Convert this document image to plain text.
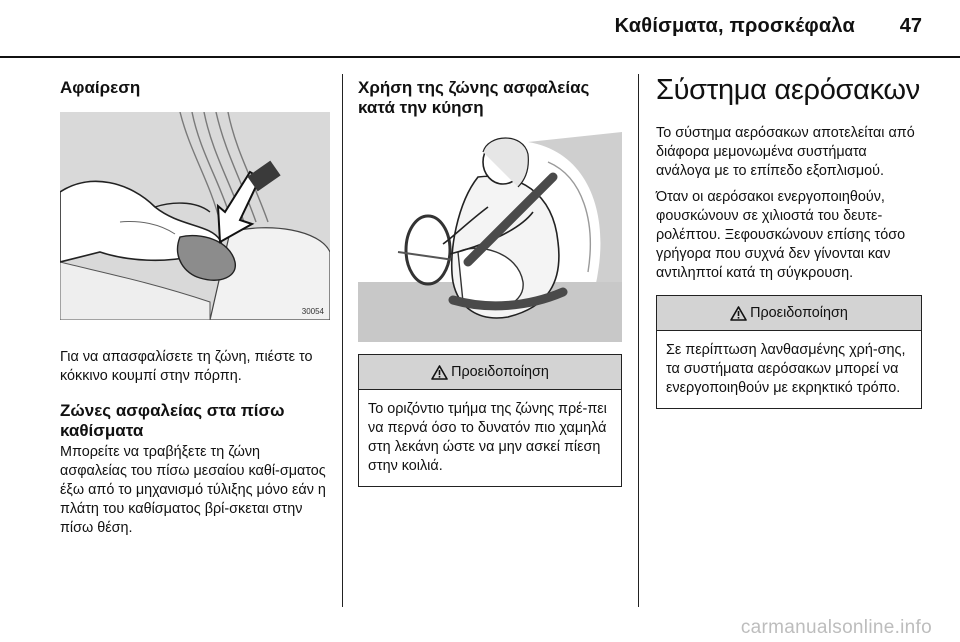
Καθίσματα, προσκέφαλα 47
Αφαίρεση
30054

Για να απασφαλίσετε τη ζώνη, πιέστε το κόκκινο κουμπί στην πόρπη.

Ζώνες ασφαλείας στα πίσω καθίσματα

Μπορείτε να τραβήξετε τη ζώνη ασφαλείας του πίσω μεσαίου καθί-σματος έξω από το μηχανισμό τύλιξης μόνο εάν η πλάτη του καθίσματος βρί-σκεται στην πίσω θέση.

Χρήση της ζώνης ασφαλείας κατά την κύηση
Προειδοποίηση

Το οριζόντιο τμήμα της ζώνης πρέ-πει να περνά όσο το δυνατόν πιο χαμηλά στη λεκάνη ώστε να μην ασκεί πίεση στην κοιλιά.

Σύστημα αερόσακων

Το σύστημα αερόσακων αποτελείται από διάφορα μεμονωμένα συστήματα ανάλογα με το επίπεδο εξοπλισμού.

Όταν οι αερόσακοι ενεργοποιηθούν, φουσκώνουν σε χιλιοστά του δευτε-ρολέπτου. Ξεφουσκώνουν επίσης τόσο γρήγορα που συχνά δεν γίνονται καν αντιληπτοί κατά τη σύγκρουση.

Προειδοποίηση

Σε περίπτωση λανθασμένης χρή-σης, τα συστήματα αερόσακων μπορεί να ενεργοποιηθούν με εκρηκτικό τρόπο.

carmanualsonline.info
